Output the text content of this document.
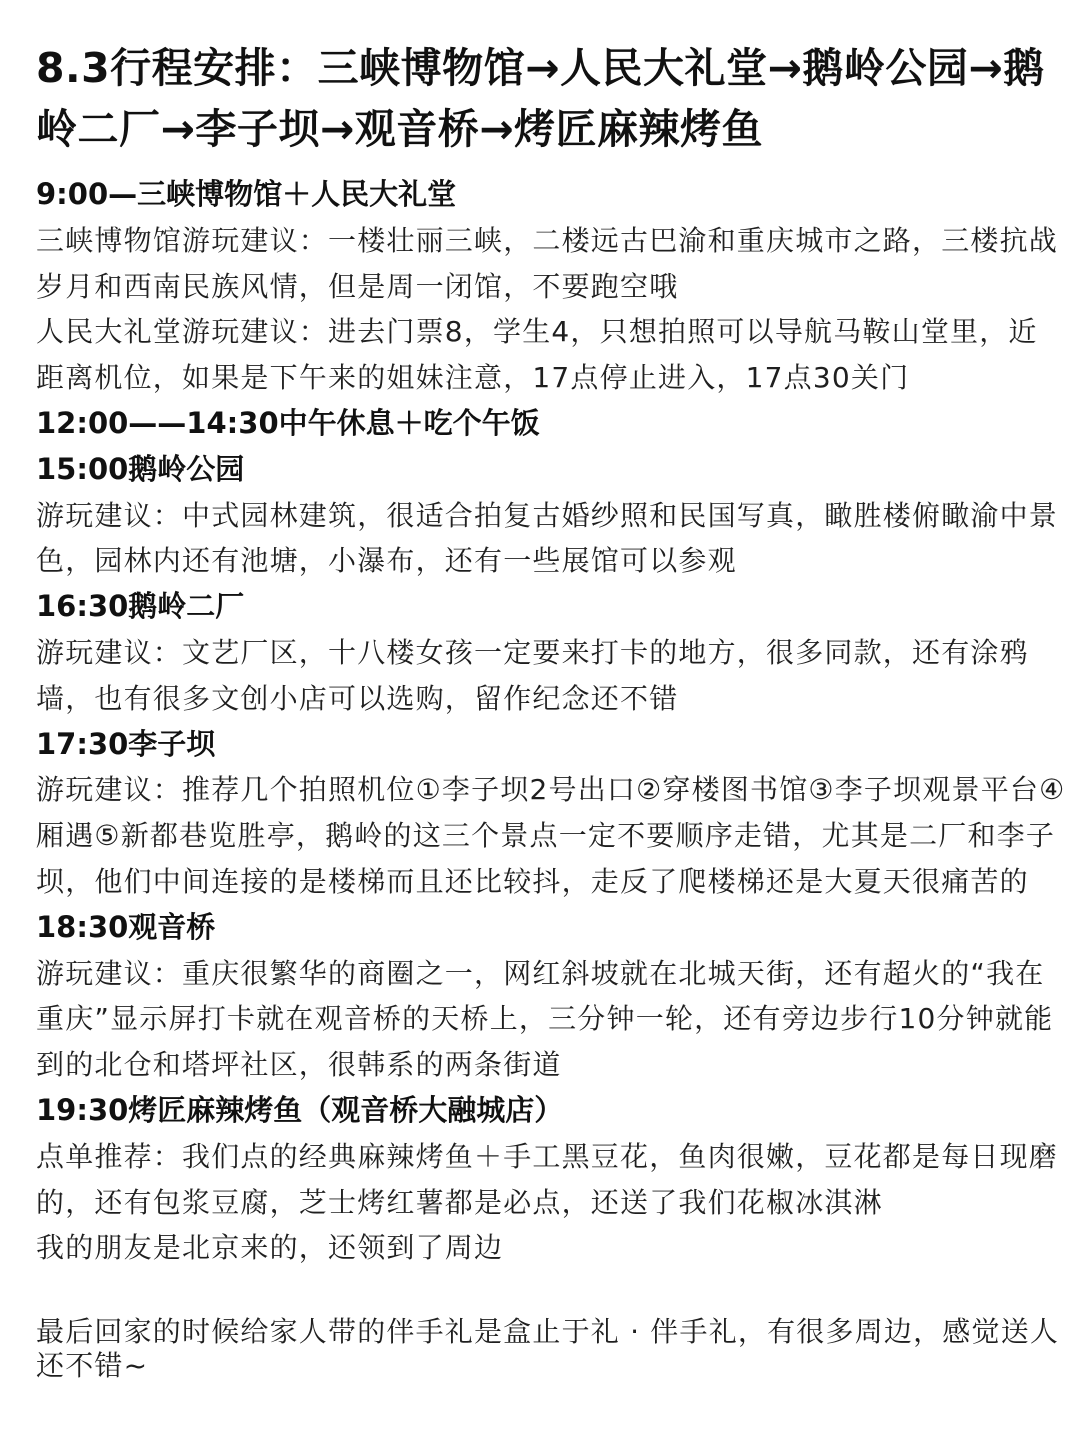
8.3行程安排：三峡博物馆→人民大礼堂→鹅岭公园→鹅岭二厂→李子坝→观音桥→烤匠麻辣烤鱼
9:00—三峡博物馆＋人民大礼堂
三峡博物馆游玩建议：一楼壮丽三峡，二楼远古巴渝和重庆城市之路，三楼抗战岁月和西南民族风情，但是周一闭馆，不要跑空哦
人民大礼堂游玩建议：进去门票8，学生4，只想拍照可以导航马鞍山堂里，近距离机位，如果是下午来的姐妹注意，17点停止进入，17点30关门
12:00——14:30中午休息＋吃个午饭
15:00鹅岭公园
游玩建议：中式园林建筑，很适合拍复古婚纱照和民国写真，瞰胜楼俯瞰渝中景色，园林内还有池塘，小瀑布，还有一些展馆可以参观
16:30鹅岭二厂
游玩建议：文艺厂区，十八楼女孩一定要来打卡的地方，很多同款，还有涂鸦墙，也有很多文创小店可以选购，留作纪念还不错
17:30李子坝
游玩建议：推荐几个拍照机位①李子坝2号出口②穿楼图书馆③李子坝观景平台④厢遇⑤新都巷览胜亭，鹅岭的这三个景点一定不要顺序走错，尤其是二厂和李子坝，他们中间连接的是楼梯而且还比较抖，走反了爬楼梯还是大夏天很痛苦的
18:30观音桥
游玩建议：重庆很繁华的商圈之一，网红斜坡就在北城天街，还有超火的“我在重庆”显示屏打卡就在观音桥的天桥上，三分钟一轮，还有旁边步行10分钟就能到的北仓和塔坪社区，很韩系的两条街道
19:30烤匠麻辣烤鱼（观音桥大融城店）
点单推荐：我们点的经典麻辣烤鱼＋手工黑豆花，鱼肉很嫩，豆花都是每日现磨的，还有包浆豆腐，芝士烤红薯都是必点，还送了我们花椒冰淇淋
我的朋友是北京来的，还领到了周边
最后回家的时候给家人带的伴手礼是盒止于礼 · 伴手礼，有很多周边，感觉送人还不错~
